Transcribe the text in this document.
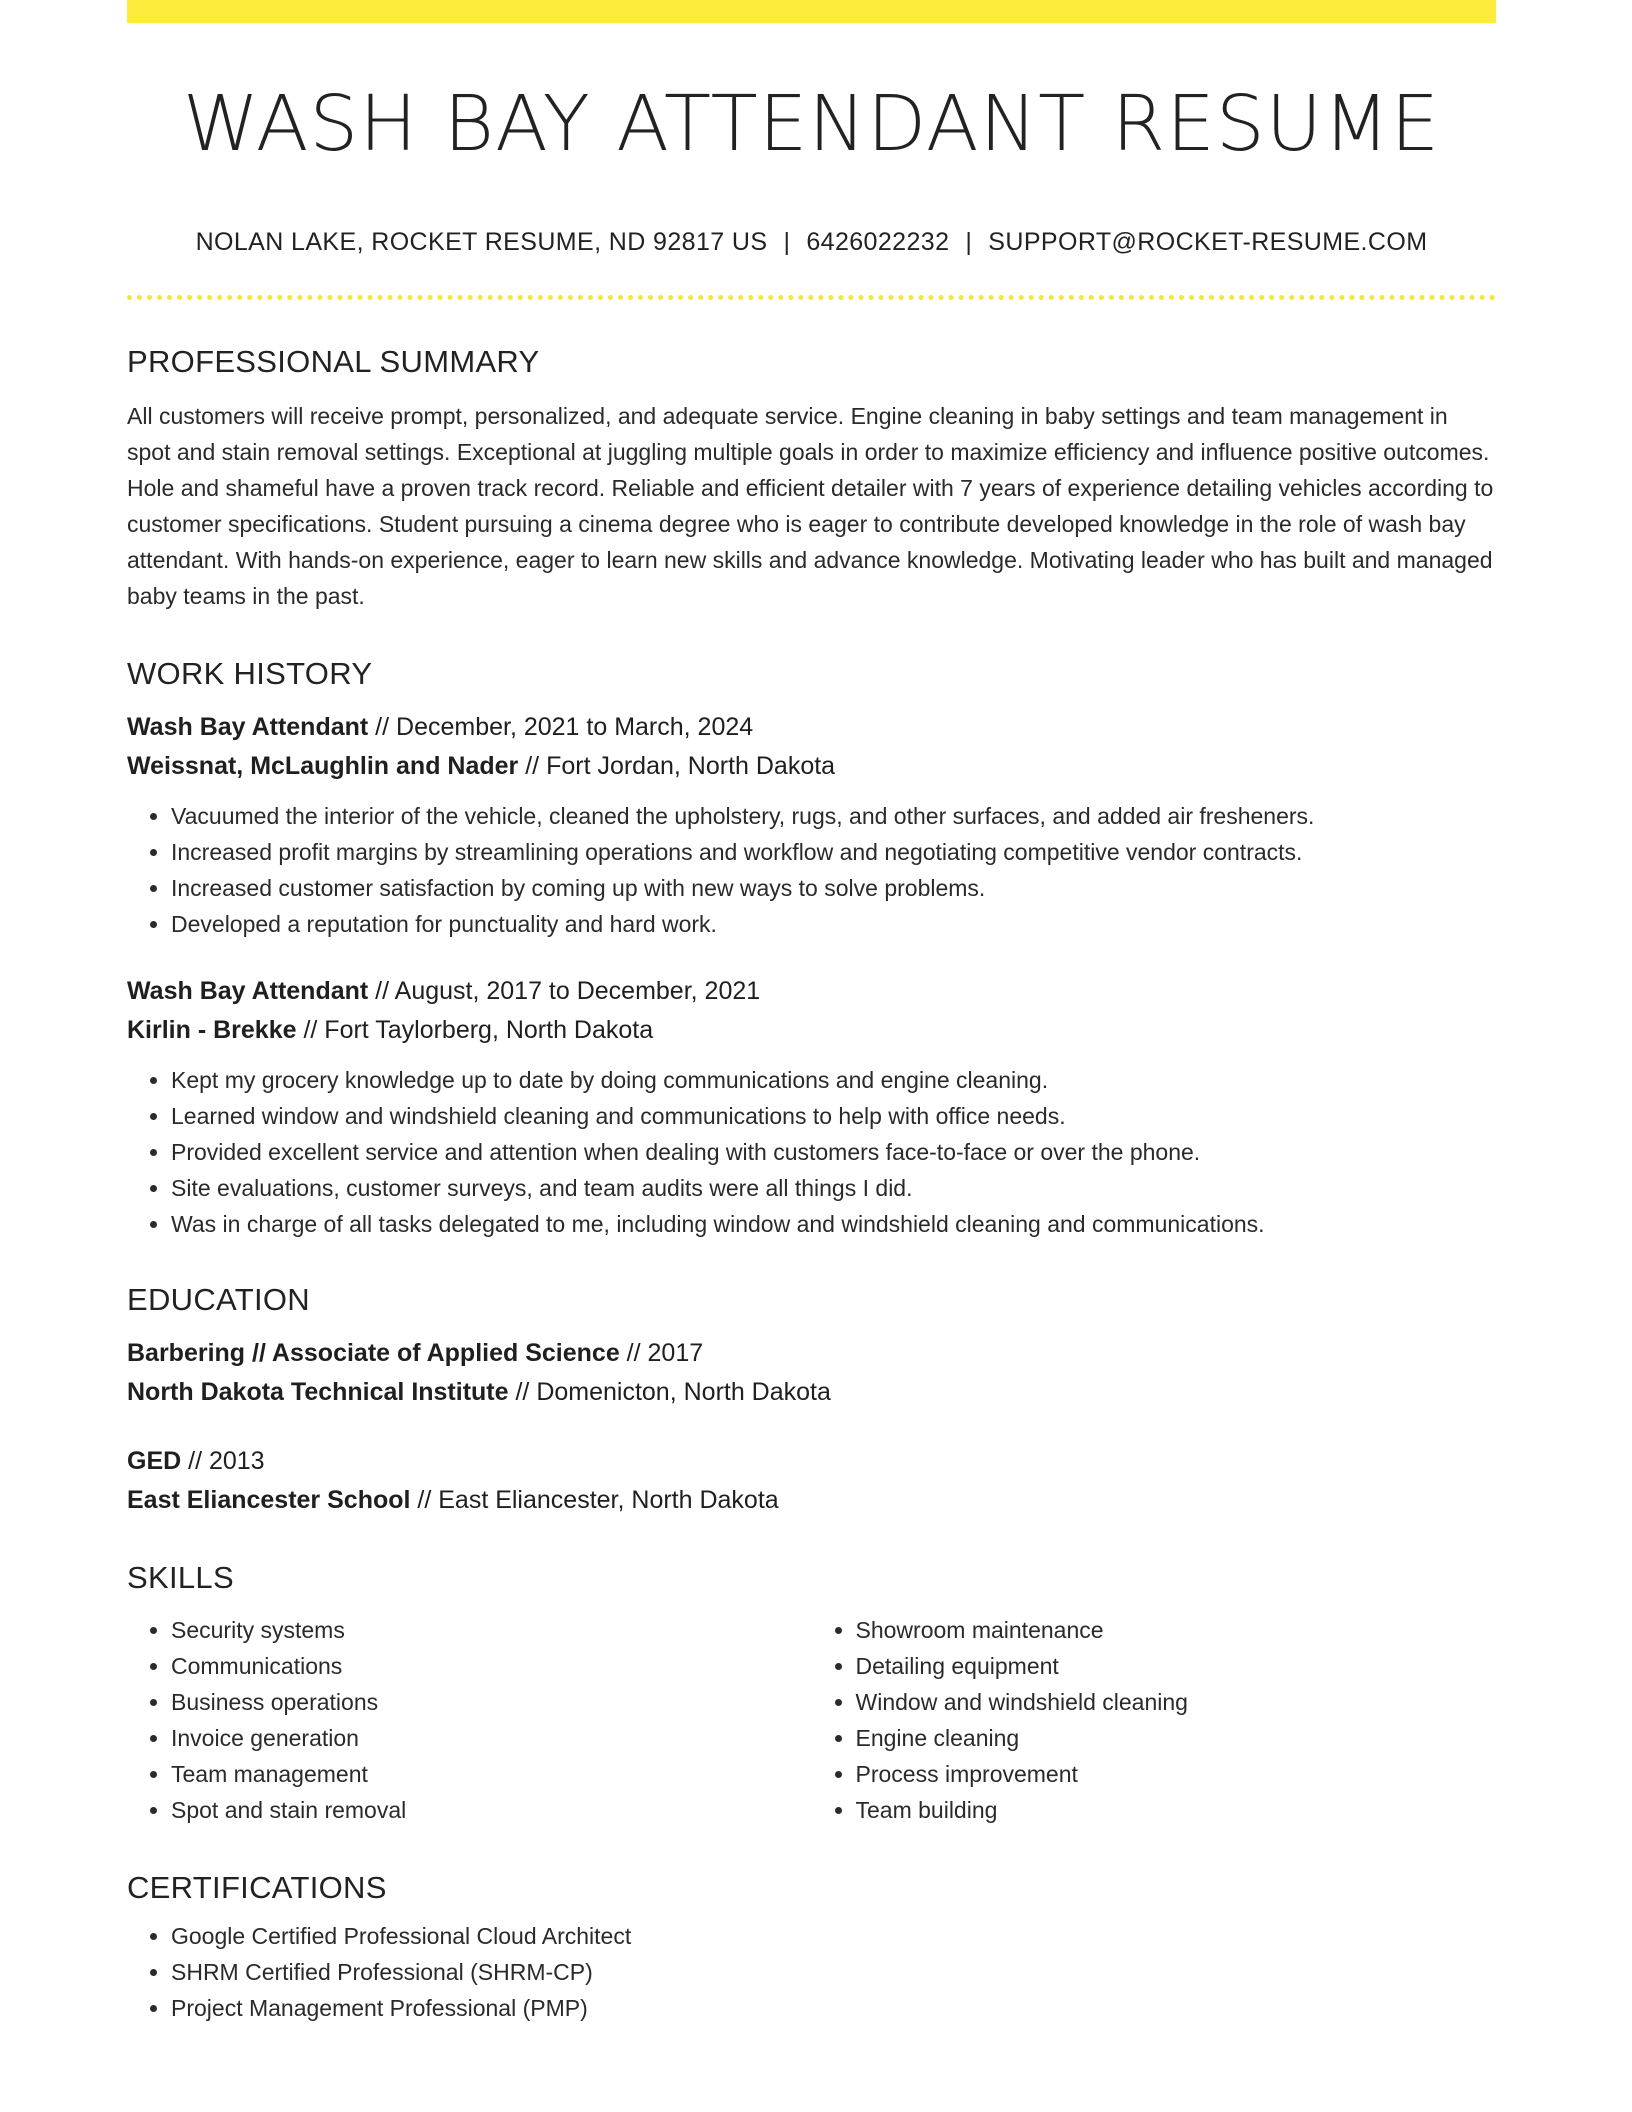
WASH BAY ATTENDANT RESUME
NOLAN LAKE, ROCKET RESUME, ND 92817 US | 6426022232 | SUPPORT@ROCKET-RESUME.COM
PROFESSIONAL SUMMARY

All customers will receive prompt, personalized, and adequate service. Engine cleaning in baby settings and team management in spot and stain removal settings. Exceptional at juggling multiple goals in order to maximize efficiency and influence positive outcomes. Hole and shameful have a proven track record. Reliable and efficient detailer with 7 years of experience detailing vehicles according to customer specifications. Student pursuing a cinema degree who is eager to contribute developed knowledge in the role of wash bay attendant. With hands-on experience, eager to learn new skills and advance knowledge. Motivating leader who has built and managed baby teams in the past.

WORK HISTORY
Wash Bay Attendant // December, 2021 to March, 2024
Weissnat, McLaughlin and Nader // Fort Jordan, North Dakota
• Vacuumed the interior of the vehicle, cleaned the upholstery, rugs, and other surfaces, and added air fresheners.
• Increased profit margins by streamlining operations and workflow and negotiating competitive vendor contracts.
• Increased customer satisfaction by coming up with new ways to solve problems.
• Developed a reputation for punctuality and hard work.
Wash Bay Attendant // August, 2017 to December, 2021
Kirlin - Brekke // Fort Taylorberg, North Dakota
• Kept my grocery knowledge up to date by doing communications and engine cleaning.
• Learned window and windshield cleaning and communications to help with office needs.
• Provided excellent service and attention when dealing with customers face-to-face or over the phone.
• Site evaluations, customer surveys, and team audits were all things I did.
• Was in charge of all tasks delegated to me, including window and windshield cleaning and communications.
EDUCATION
Barbering // Associate of Applied Science // 2017
North Dakota Technical Institute // Domenicton, North Dakota
GED // 2013
East Eliancester School // East Eliancester, North Dakota
SKILLS
• Security systems
• Communications
• Business operations
• Invoice generation
• Team management
• Spot and stain removal
• Showroom maintenance
• Detailing equipment
• Window and windshield cleaning
• Engine cleaning
• Process improvement
• Team building
CERTIFICATIONS
• Google Certified Professional Cloud Architect
• SHRM Certified Professional (SHRM-CP)
• Project Management Professional (PMP)
